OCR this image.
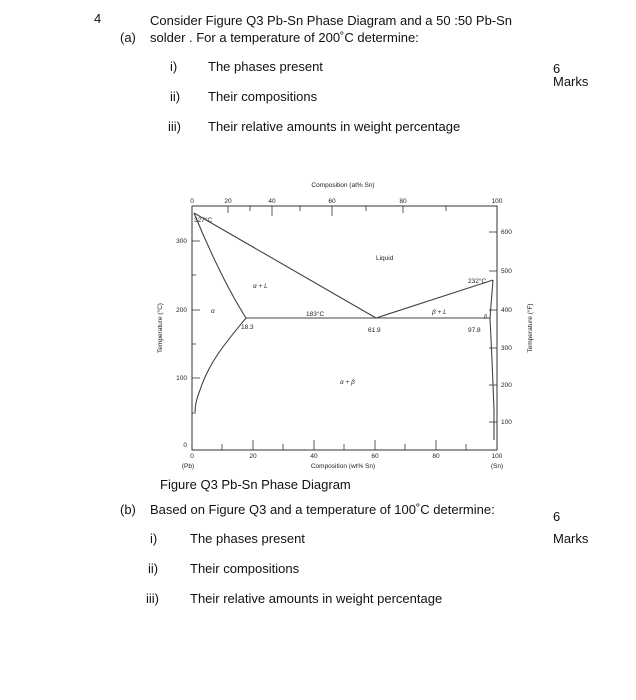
4	Consider Figure Q3 Pb-Sn Phase Diagram and a 50 :50 Pb-Sn
(a) solder . For a temperature of 200˚C determine:
i) The phases present
ii) Their compositions
iii) Their relative amounts in weight percentage
6
Marks
Composition (at% Sn)
0	20	40	60	80	100
0	20	40	60	80	100
(Pb)	(Sn)
Composition (wt% Sn)
300
200
100
0
Temperature (°C)
600
500
400
300
200
100
Temperature (°F)
327°C
232°C
183°C
Liquid
α + L
β + L
α + β
α
β
18.3	61.9	97.8
Figure Q3 Pb-Sn Phase Diagram
(b) Based on Figure Q3 and a temperature of 100˚C determine:	6
Marks
i)	The phases present
ii) Their compositions
iii) Their relative amounts in weight percentage
